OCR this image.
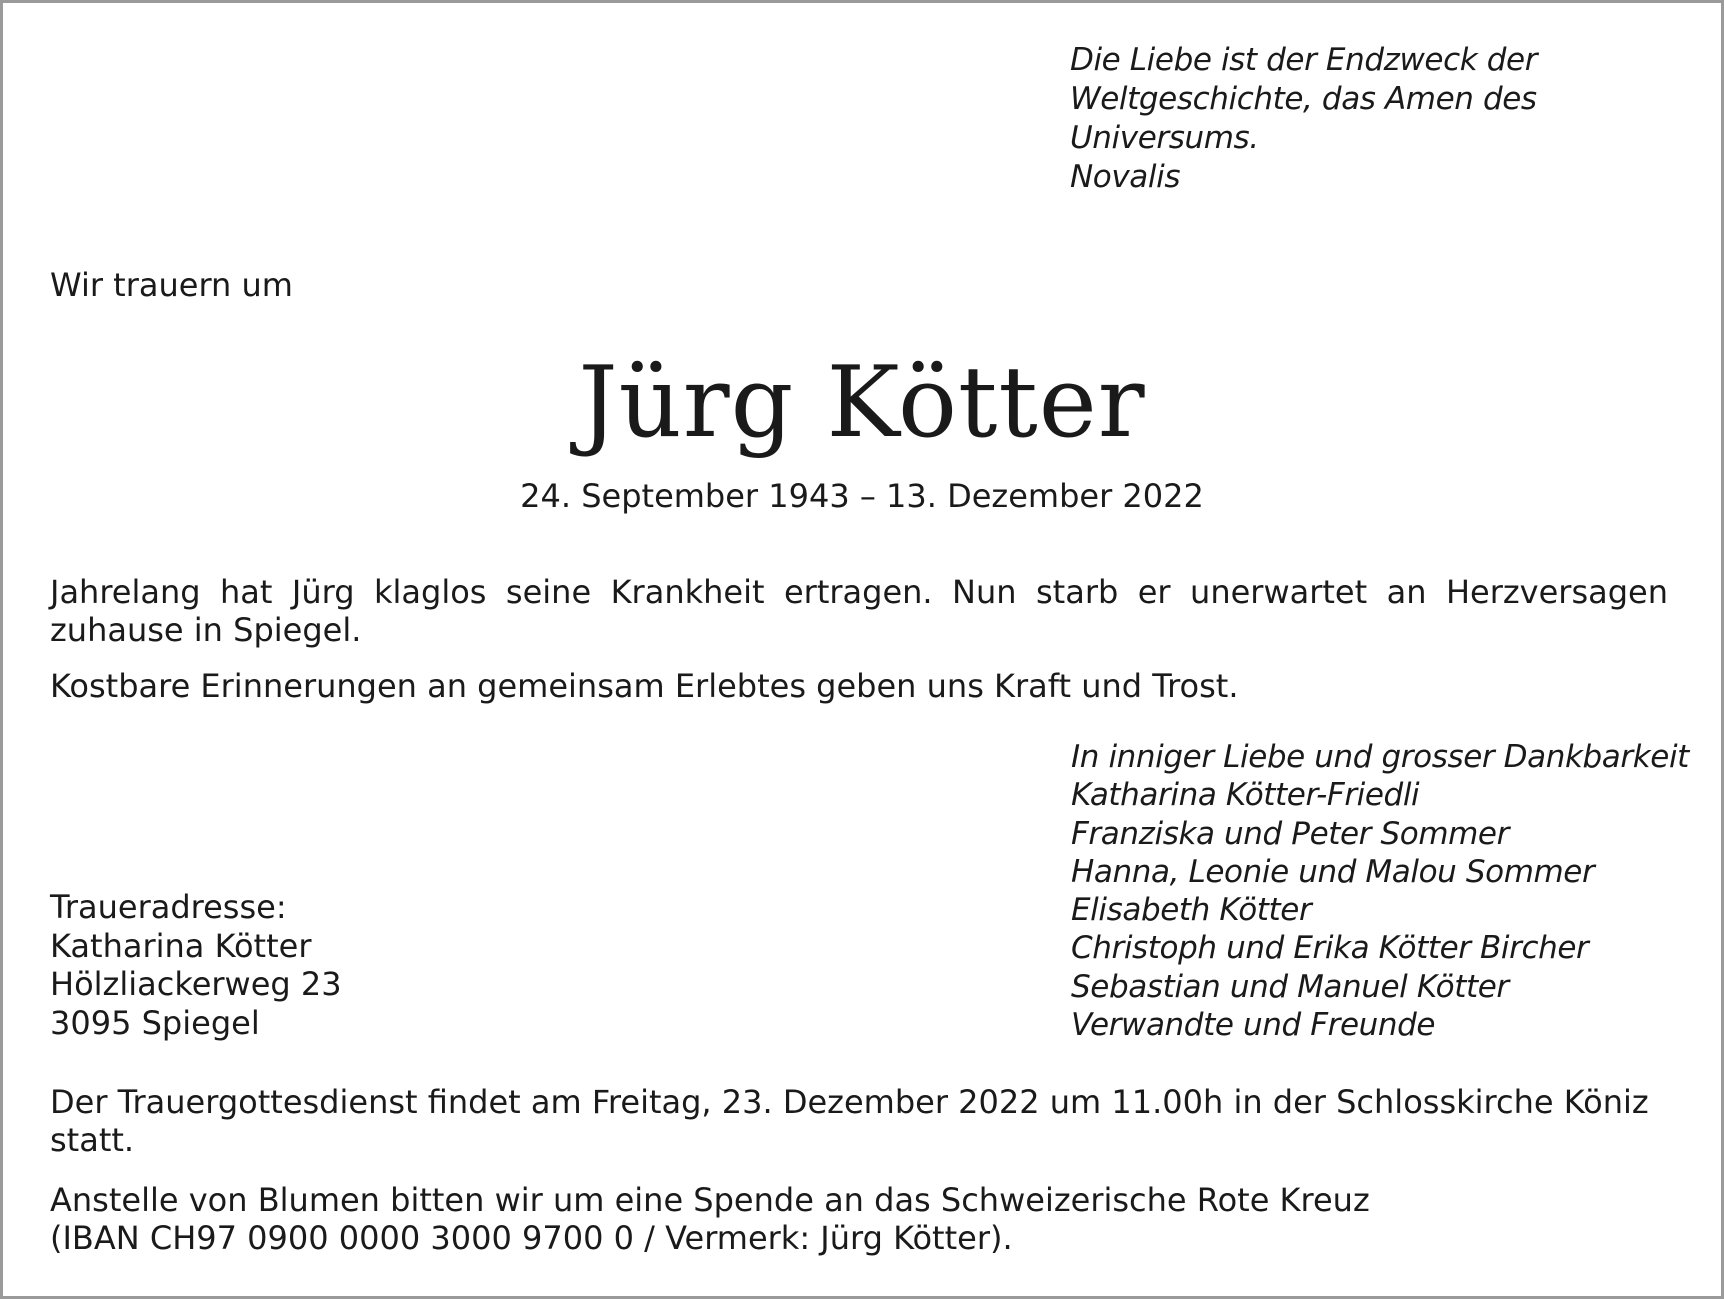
Die Liebe ist der Endzweck der
Weltgeschichte, das Amen des
Universums.
Novalis
Wir trauern um
Jürg Kötter
24. September 1943 – 13. Dezember 2022
Jahrelang hat Jürg klaglos seine Krankheit ertragen. Nun starb er unerwartet an Herzversagen zuhause in Spiegel.
Kostbare Erinnerungen an gemeinsam Erlebtes geben uns Kraft und Trost.
In inniger Liebe und grosser Dankbarkeit
Katharina Kötter-Friedli
Franziska und Peter Sommer
Hanna, Leonie und Malou Sommer
Elisabeth Kötter
Christoph und Erika Kötter Bircher
Sebastian und Manuel Kötter
Verwandte und Freunde
Traueradresse:
Katharina Kötter
Hölzliackerweg 23
3095 Spiegel
Der Trauergottesdienst findet am Freitag, 23. Dezember 2022 um 11.00h in der Schlosskirche Köniz statt.
Anstelle von Blumen bitten wir um eine Spende an das Schweizerische Rote Kreuz
(IBAN CH97 0900 0000 3000 9700 0 / Vermerk: Jürg Kötter).
